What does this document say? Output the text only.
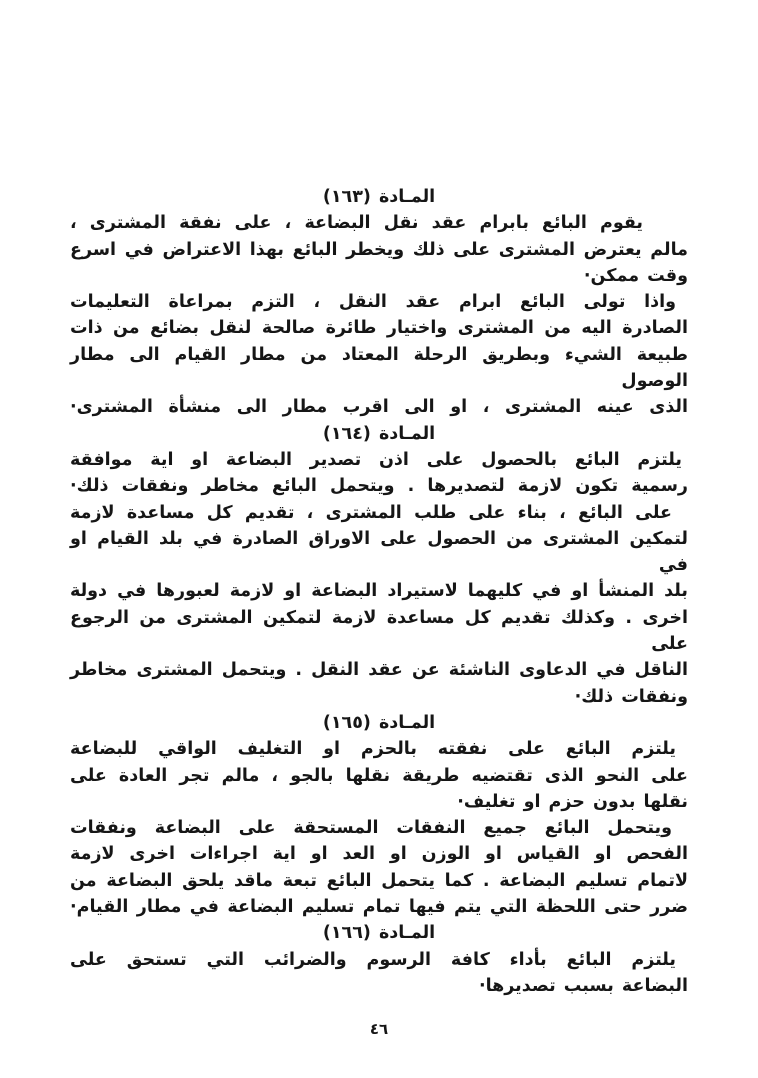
المـادة (١٦٣)
يقوم البائع بابرام عقد نقل البضاعة ، على نفقة المشترى ،
مالم يعترض المشترى على ذلك ويخطر البائع بهذا الاعتراض في اسرع
وقت ممكن·
واذا تولى البائع ابرام عقد النقل ، التزم بمراعاة التعليمات
الصادرة اليه من المشترى واختيار طائرة صالحة لنقل بضائع من ذات
طبيعة الشيء وبطريق الرحلة المعتاد من مطار القيام الى مطار الوصول
الذى عينه المشترى ، او الى اقرب مطار الى منشأة المشترى·
المـادة (١٦٤)
يلتزم البائع بالحصول على اذن تصدير البضاعة او اية موافقة
رسمية تكون لازمة لتصديرها . ويتحمل البائع مخاطر ونفقات ذلك·
على البائع ، بناء على طلب المشترى ، تقديم كل مساعدة لازمة
لتمكين المشترى من الحصول على الاوراق الصادرة في بلد القيام او في
بلد المنشأ او في كليهما لاستيراد البضاعة او لازمة لعبورها في دولة
اخرى . وكذلك تقديم كل مساعدة لازمة لتمكين المشترى من الرجوع على
الناقل في الدعاوى الناشئة عن عقد النقل . ويتحمل المشترى مخاطر
ونفقات ذلك·
المـادة (١٦٥)
يلتزم البائع على نفقته بالحزم او التغليف الواقي للبضاعة
على النحو الذى تقتضيه طريقة نقلها بالجو ، مالم تجر العادة على
نقلها بدون حزم او تغليف·
ويتحمل البائع جميع النفقات المستحقة على البضاعة ونفقات
الفحص او القياس او الوزن او العد او اية اجراءات اخرى لازمة
لاتمام تسليم البضاعة . كما يتحمل البائع تبعة ماقد يلحق البضاعة من
ضرر حتى اللحظة التي يتم فيها تمام تسليم البضاعة في مطار القيام·
المـادة (١٦٦)
يلتزم البائع بأداء كافة الرسوم والضرائب التي تستحق على
البضاعة بسبب تصديرها·
٤٦
